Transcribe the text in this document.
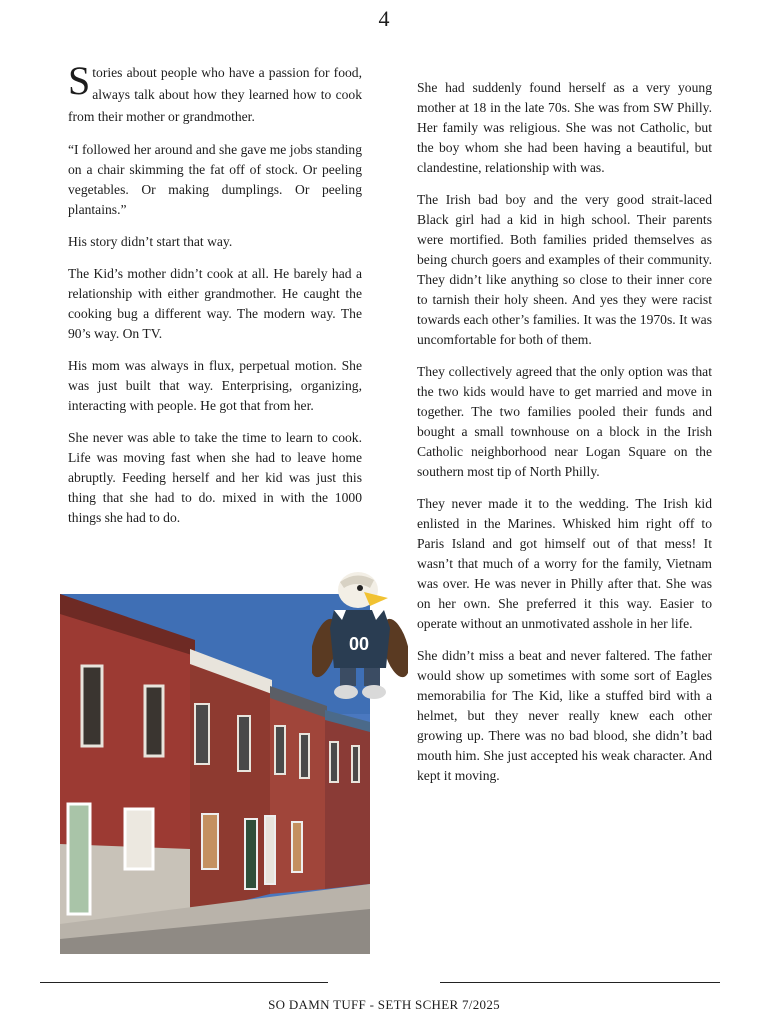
4

Stories about people who have a passion for food, always talk about how they learned how to cook from their mother or grandmother.

“I followed her around and she gave me jobs standing on a chair skimming the fat off of stock. Or peeling vegetables. Or making dumplings. Or peeling plantains.”

His story didn’t start that way.

The Kid’s mother didn’t cook at all. He barely had a relationship with either grandmother. He caught the cooking bug a different way. The modern way. The 90’s way. On TV.

His mom was always in flux, perpetual motion. She was just built that way. Enterprising, organizing, interacting with people. He got that from her.

She never was able to take the time to learn to cook. Life was moving fast when she had to leave home abruptly. Feeding herself and her kid was just this thing that she had to do. mixed in with the 1000 things she had to do.

00

She had suddenly found herself as a very young mother at 18 in the late 70s. She was from SW Philly. Her family was religious. She was not Catholic, but the boy whom she had been having a beautiful, but clandestine, relationship with was.

The Irish bad boy and the very good strait-laced Black girl had a kid in high school. Their parents were mortified. Both families prided themselves as being church goers and examples of their community. They didn’t like anything so close to their inner core to tarnish their holy sheen. And yes they were racist towards each other’s families. It was the 1970s. It was uncomfortable for both of them.

They collectively agreed that the only option was that the two kids would have to get married and move in together. The two families pooled their funds and bought a small townhouse on a block in the Irish Catholic neighborhood near Logan Square on the southern most tip of North Philly.

They never made it to the wedding. The Irish kid enlisted in the Marines. Whisked him right off to Paris Island and got himself out of that mess! It wasn’t that much of a worry for the family, Vietnam was over. He was never in Philly after that. She was on her own. She preferred it this way. Easier to operate without an unmotivated asshole in her life.

She didn’t miss a beat and never faltered. The father would show up sometimes with some sort of Eagles memorabilia for The Kid, like a stuffed bird with a helmet, but they never really knew each other growing up. There was no bad blood, she didn’t bad mouth him. She just accepted his weak character. And kept it moving.

SO DAMN TUFF - SETH SCHER 7/2025
